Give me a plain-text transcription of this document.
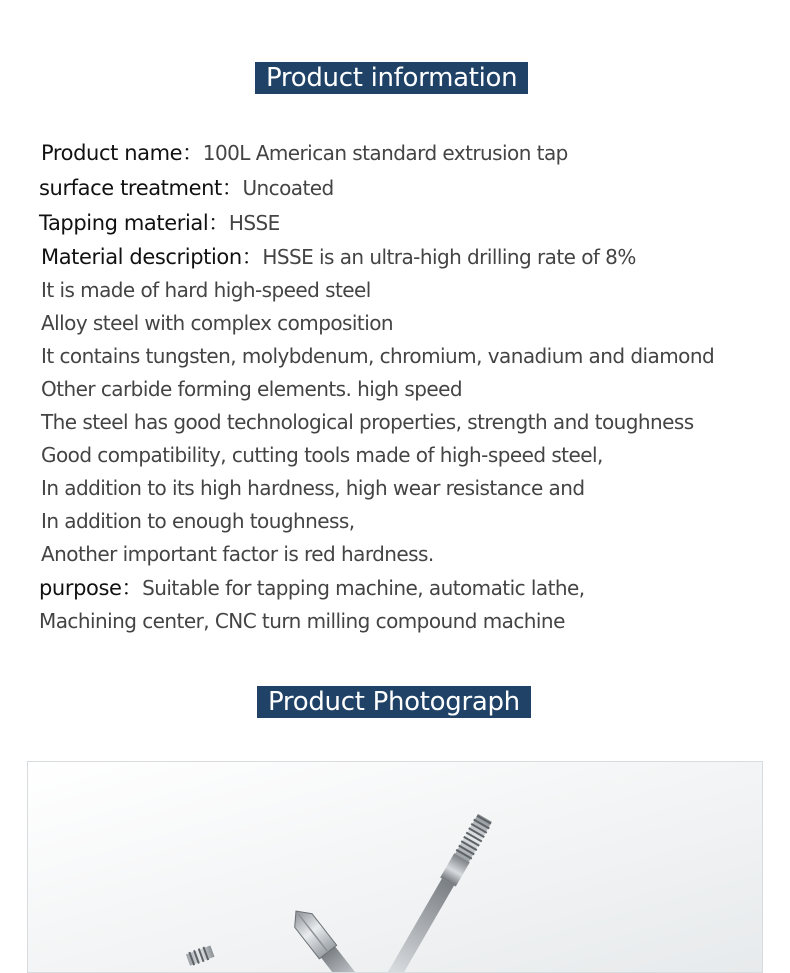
Product information
Product name：100L American standard extrusion tap
surface treatment：Uncoated
Tapping material：HSSE
Material description：HSSE is an ultra-high drilling rate of 8%
It is made of hard high-speed steel
Alloy steel with complex composition
It contains tungsten, molybdenum, chromium, vanadium and diamond
Other carbide forming elements. high speed
The steel has good technological properties, strength and toughness
Good compatibility, cutting tools made of high-speed steel,
In addition to its high hardness, high wear resistance and
In addition to enough toughness,
Another important factor is red hardness.
purpose：Suitable for tapping machine, automatic lathe,
Machining center, CNC turn milling compound machine
Product Photograph
